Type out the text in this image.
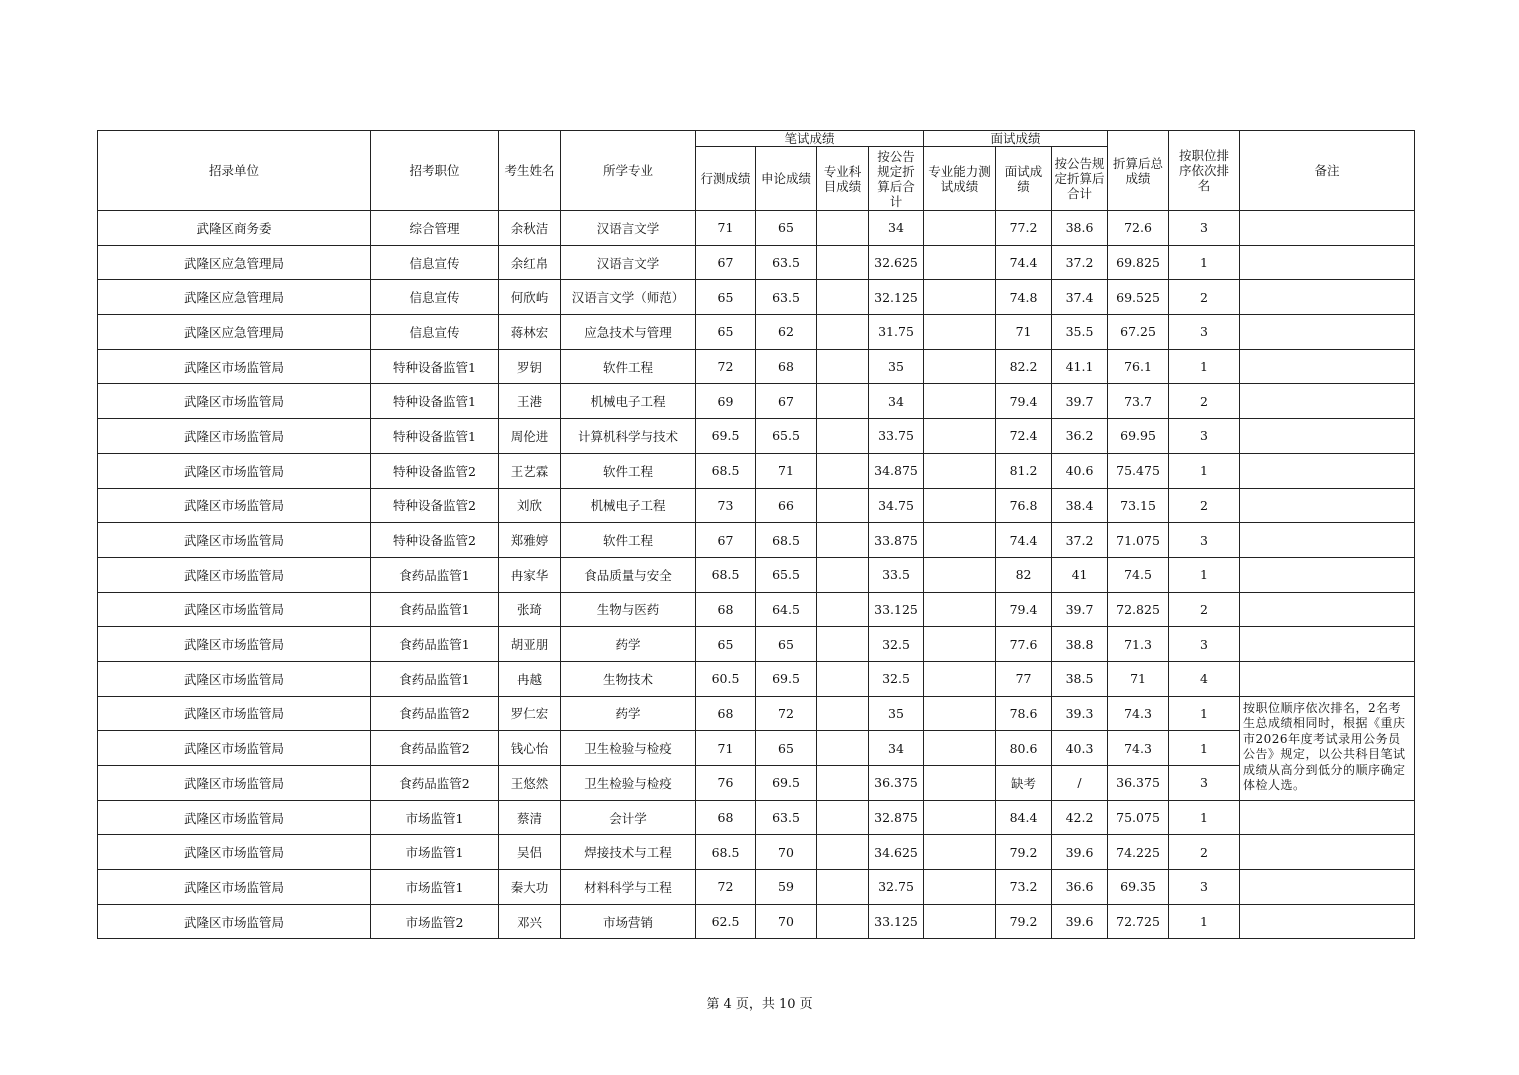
招录单位	招考职位	考生姓名	所学专业	笔试成绩				面试成绩			折算后总成绩	按职位排序依次排名	备注
				行测成绩	申论成绩	专业科目成绩	按公告规定折算后合计	专业能力测试成绩	面试成绩	按公告规定折算后合计			
武隆区商务委	综合管理	余秋洁	汉语言文学	71	65		34		77.2	38.6	72.6	3	
武隆区应急管理局	信息宣传	余红帛	汉语言文学	67	63.5		32.625		74.4	37.2	69.825	1	
武隆区应急管理局	信息宣传	何欣屿	汉语言文学（师范）	65	63.5		32.125		74.8	37.4	69.525	2	
武隆区应急管理局	信息宣传	蒋林宏	应急技术与管理	65	62		31.75		71	35.5	67.25	3	
武隆区市场监管局	特种设备监管1	罗钥	软件工程	72	68		35		82.2	41.1	76.1	1	
武隆区市场监管局	特种设备监管1	王港	机械电子工程	69	67		34		79.4	39.7	73.7	2	
武隆区市场监管局	特种设备监管1	周伦进	计算机科学与技术	69.5	65.5		33.75		72.4	36.2	69.95	3	
武隆区市场监管局	特种设备监管2	王艺霖	软件工程	68.5	71		34.875		81.2	40.6	75.475	1	
武隆区市场监管局	特种设备监管2	刘欣	机械电子工程	73	66		34.75		76.8	38.4	73.15	2	
武隆区市场监管局	特种设备监管2	郑雅婷	软件工程	67	68.5		33.875		74.4	37.2	71.075	3	
武隆区市场监管局	食药品监管1	冉家华	食品质量与安全	68.5	65.5		33.5		82	41	74.5	1	
武隆区市场监管局	食药品监管1	张琦	生物与医药	68	64.5		33.125		79.4	39.7	72.825	2	
武隆区市场监管局	食药品监管1	胡亚朋	药学	65	65		32.5		77.6	38.8	71.3	3	
武隆区市场监管局	食药品监管1	冉越	生物技术	60.5	69.5		32.5		77	38.5	71	4	
武隆区市场监管局	食药品监管2	罗仁宏	药学	68	72		35		78.6	39.3	74.3	1	按职位顺序依次排名，2名考生总成绩相同时，根据《重庆市2026年度考试录用公务员公告》规定，以公共科目笔试成绩从高分到低分的顺序确定体检人选。
武隆区市场监管局	食药品监管2	钱心怡	卫生检验与检疫	71	65		34		80.6	40.3	74.3	1	
武隆区市场监管局	食药品监管2	王悠然	卫生检验与检疫	76	69.5		36.375		缺考	/	36.375	3	
武隆区市场监管局	市场监管1	蔡清	会计学	68	63.5		32.875		84.4	42.2	75.075	1	
武隆区市场监管局	市场监管1	吴侣	焊接技术与工程	68.5	70		34.625		79.2	39.6	74.225	2	
武隆区市场监管局	市场监管1	秦大功	材料科学与工程	72	59		32.75		73.2	36.6	69.35	3	
武隆区市场监管局	市场监管2	邓兴	市场营销	62.5	70		33.125		79.2	39.6	72.725	1	
第 4 页，共 10 页
